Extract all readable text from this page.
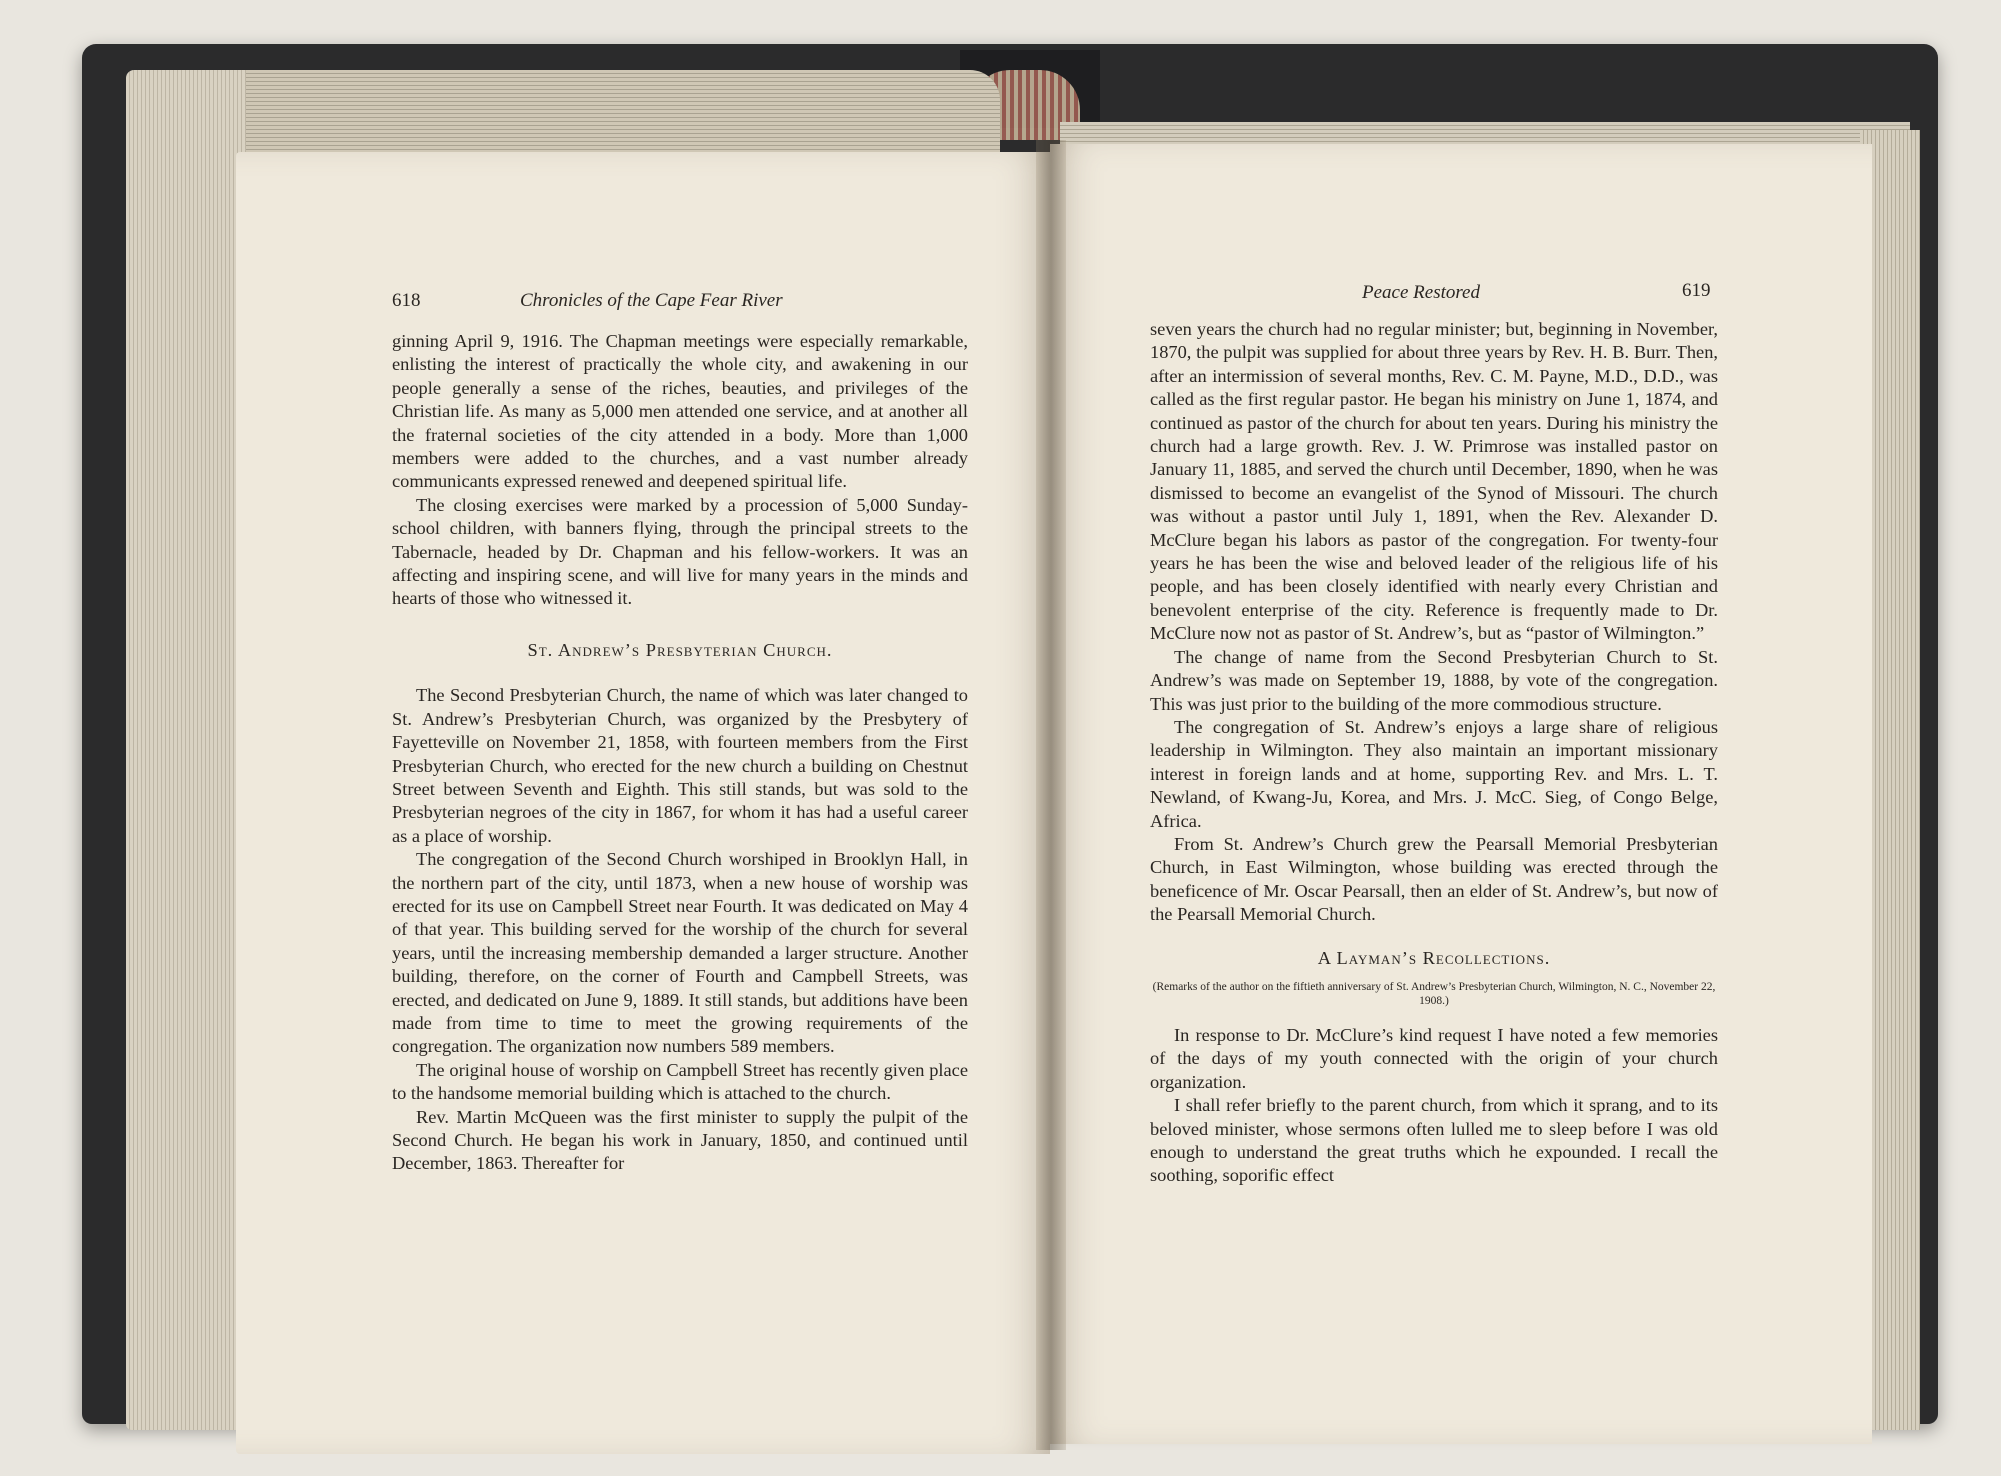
618	Chronicles of the Cape Fear River

ginning April 9, 1916. The Chapman meetings were especially remarkable, enlisting the interest of practically the whole city, and awakening in our people generally a sense of the riches, beauties, and privileges of the Christian life. As many as 5,000 men attended one service, and at another all the fraternal societies of the city attended in a body. More than 1,000 members were added to the churches, and a vast number already communicants expressed renewed and deepened spiritual life.

The closing exercises were marked by a procession of 5,000 Sunday-school children, with banners flying, through the principal streets to the Tabernacle, headed by Dr. Chapman and his fellow-workers. It was an affecting and inspiring scene, and will live for many years in the minds and hearts of those who witnessed it.

St. Andrew’s Presbyterian Church.

The Second Presbyterian Church, the name of which was later changed to St. Andrew’s Presbyterian Church, was organized by the Presbytery of Fayetteville on November 21, 1858, with fourteen members from the First Presbyterian Church, who erected for the new church a building on Chestnut Street between Seventh and Eighth. This still stands, but was sold to the Presbyterian negroes of the city in 1867, for whom it has had a useful career as a place of worship.

The congregation of the Second Church worshiped in Brooklyn Hall, in the northern part of the city, until 1873, when a new house of worship was erected for its use on Campbell Street near Fourth. It was dedicated on May 4 of that year. This building served for the worship of the church for several years, until the increasing membership demanded a larger structure. Another building, therefore, on the corner of Fourth and Campbell Streets, was erected, and dedicated on June 9, 1889. It still stands, but additions have been made from time to time to meet the growing requirements of the congregation. The organization now numbers 589 members.

The original house of worship on Campbell Street has recently given place to the handsome memorial building which is attached to the church.

Rev. Martin McQueen was the first minister to supply the pulpit of the Second Church. He began his work in January, 1850, and continued until December, 1863. Thereafter for

Peace Restored	619

seven years the church had no regular minister; but, beginning in November, 1870, the pulpit was supplied for about three years by Rev. H. B. Burr. Then, after an intermission of several months, Rev. C. M. Payne, M.D., D.D., was called as the first regular pastor. He began his ministry on June 1, 1874, and continued as pastor of the church for about ten years. During his ministry the church had a large growth. Rev. J. W. Primrose was installed pastor on January 11, 1885, and served the church until December, 1890, when he was dismissed to become an evangelist of the Synod of Missouri. The church was without a pastor until July 1, 1891, when the Rev. Alexander D. McClure began his labors as pastor of the congregation. For twenty-four years he has been the wise and beloved leader of the religious life of his people, and has been closely identified with nearly every Christian and benevolent enterprise of the city. Reference is frequently made to Dr. McClure now not as pastor of St. Andrew’s, but as “pastor of Wilmington.”

The change of name from the Second Presbyterian Church to St. Andrew’s was made on September 19, 1888, by vote of the congregation. This was just prior to the building of the more commodious structure.

The congregation of St. Andrew’s enjoys a large share of religious leadership in Wilmington. They also maintain an important missionary interest in foreign lands and at home, supporting Rev. and Mrs. L. T. Newland, of Kwang-Ju, Korea, and Mrs. J. McC. Sieg, of Congo Belge, Africa.

From St. Andrew’s Church grew the Pearsall Memorial Presbyterian Church, in East Wilmington, whose building was erected through the beneficence of Mr. Oscar Pearsall, then an elder of St. Andrew’s, but now of the Pearsall Memorial Church.

A Layman’s Recollections.
(Remarks of the author on the fiftieth anniversary of St. Andrew’s Presbyterian Church, Wilmington, N. C., November 22, 1908.)

In response to Dr. McClure’s kind request I have noted a few memories of the days of my youth connected with the origin of your church organization.

I shall refer briefly to the parent church, from which it sprang, and to its beloved minister, whose sermons often lulled me to sleep before I was old enough to understand the great truths which he expounded. I recall the soothing, soporific effect
